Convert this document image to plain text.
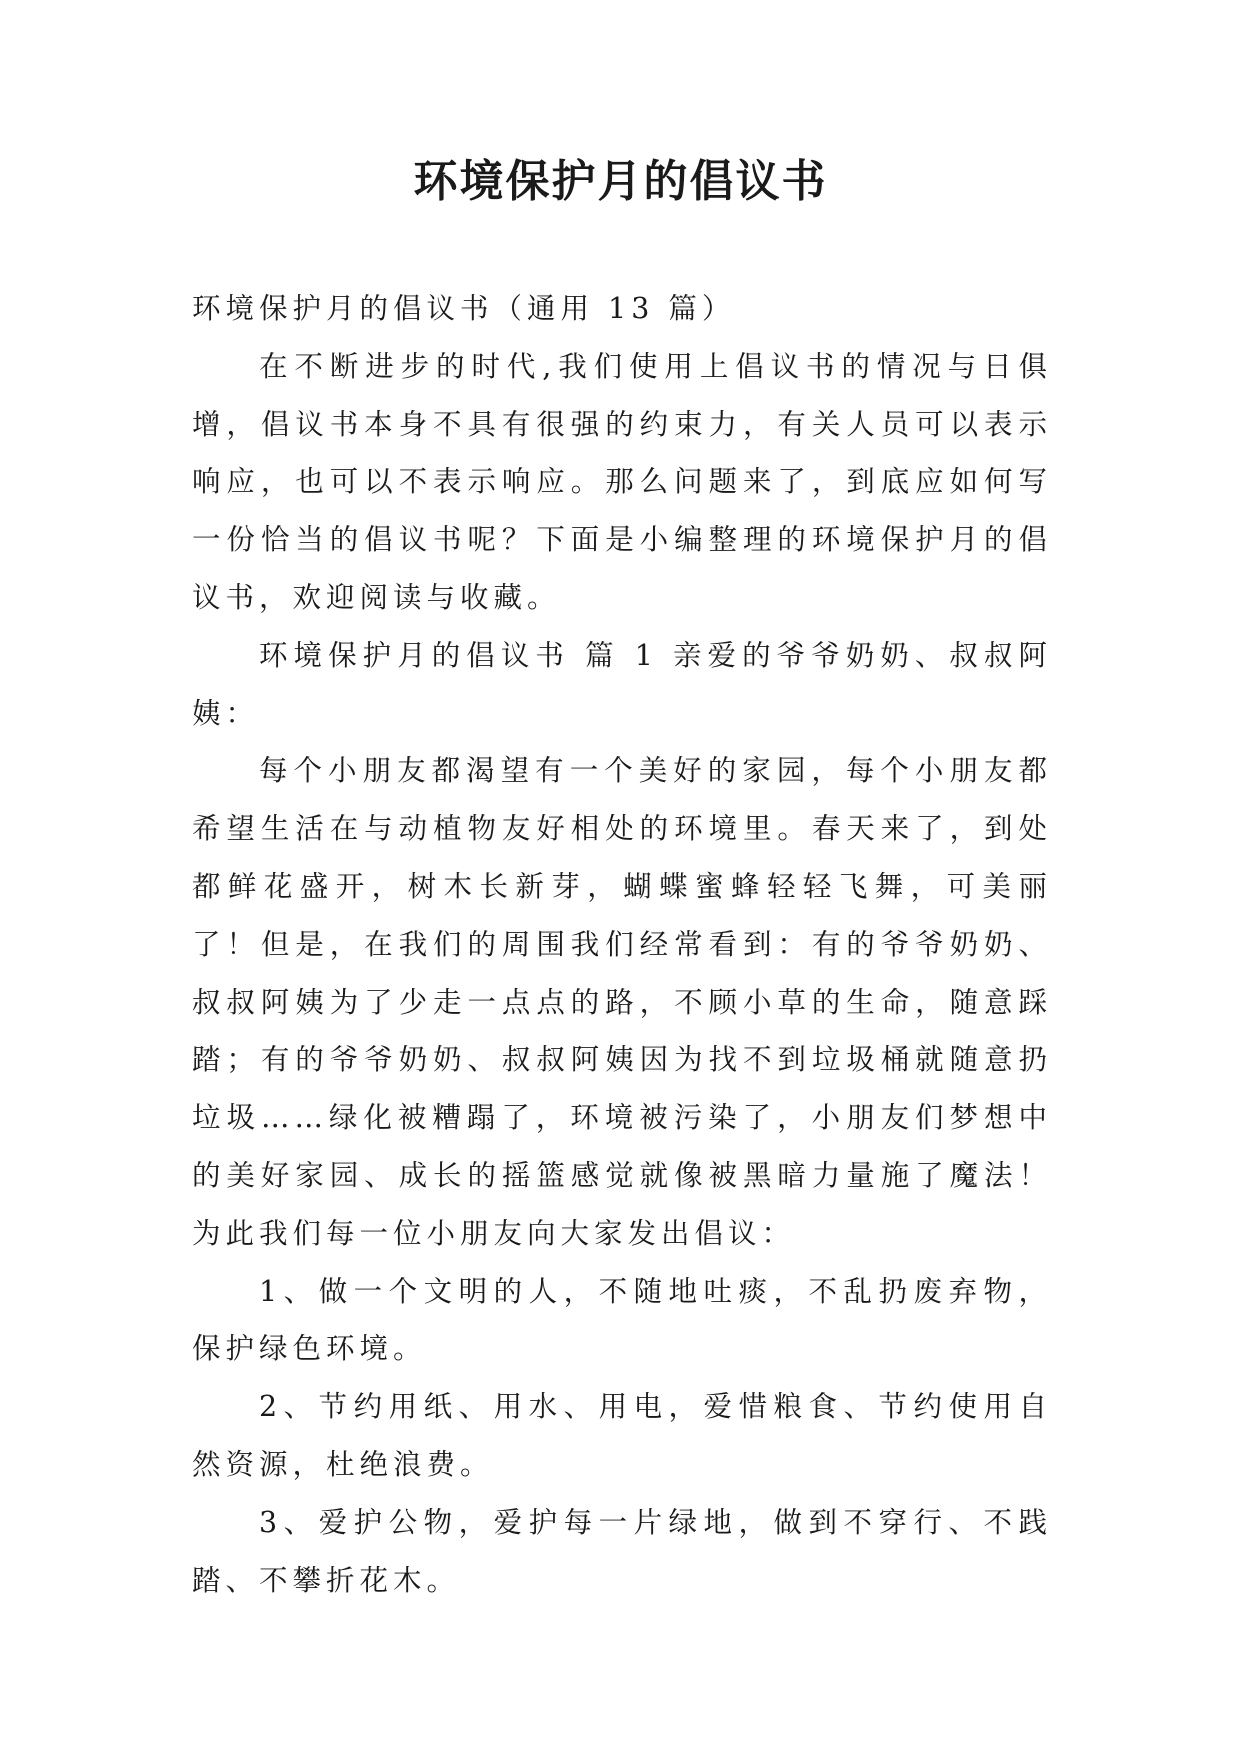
环境保护月的倡议书

环境保护月的倡议书（通用 13 篇）

在不断进步的时代,我们使用上倡议书的情况与日俱增，倡议书本身不具有很强的约束力，有关人员可以表示响应，也可以不表示响应。那么问题来了，到底应如何写一份恰当的倡议书呢？下面是小编整理的环境保护月的倡议书，欢迎阅读与收藏。

环境保护月的倡议书 篇 1 亲爱的爷爷奶奶、叔叔阿姨：

每个小朋友都渴望有一个美好的家园，每个小朋友都希望生活在与动植物友好相处的环境里。春天来了，到处都鲜花盛开，树木长新芽，蝴蝶蜜蜂轻轻飞舞，可美丽了！但是，在我们的周围我们经常看到：有的爷爷奶奶、叔叔阿姨为了少走一点点的路，不顾小草的生命，随意踩踏；有的爷爷奶奶、叔叔阿姨因为找不到垃圾桶就随意扔垃圾……绿化被糟蹋了，环境被污染了，小朋友们梦想中的美好家园、成长的摇篮感觉就像被黑暗力量施了魔法！为此我们每一位小朋友向大家发出倡议：

1、做一个文明的人，不随地吐痰，不乱扔废弃物，保护绿色环境。

2、节约用纸、用水、用电，爱惜粮食、节约使用自然资源，杜绝浪费。

3、爱护公物，爱护每一片绿地，做到不穿行、不践踏、不攀折花木。
